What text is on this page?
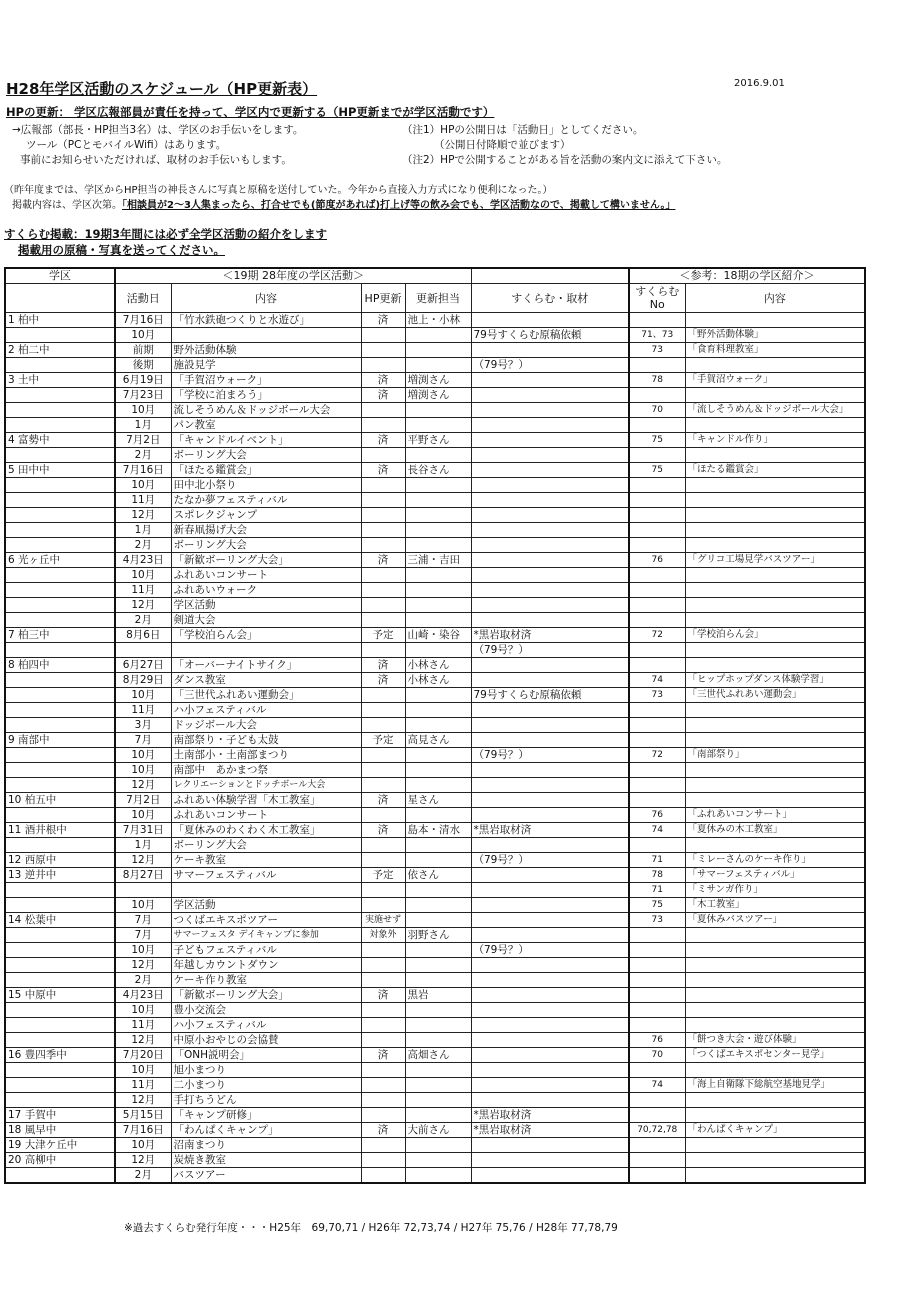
H28年学区活動のスケジュール（HP更新表）	2016.9.01
HPの更新： 学区広報部員が責任を持って、学区内で更新する（HP更新までが学区活動です）
→広報部（部長・HP担当3名）は、学区のお手伝いをします。
ツール（PCとモバイルWifi）はあります。
事前にお知らせいただければ、取材のお手伝いもします。
（注1）HPの公開日は「活動日」としてください。
（公開日付降順で並びます）
（注2）HPで公開することがある旨を活動の案内文に添えて下さい。
（昨年度までは、学区からHP担当の神長さんに写真と原稿を送付していた。今年から直接入力方式になり便利になった。）
掲載内容は、学区次第。「相談員が2〜3人集まったら、打合せでも(節度があれば)打上げ等の飲み会でも、学区活動なので、掲載して構いません。」
すくらむ掲載：19期3年間には必ず全学区活動の紹介をします
掲載用の原稿・写真を送ってください。
学区	＜19期 28年度の学区活動＞					＜参考：18期の学区紹介＞	
	活動日	内容	HP更新	更新担当	すくらむ・取材	すくらむNo	内容
1 柏中	7月16日	「竹水鉄砲つくりと水遊び」	済	池上・小林			
	10月				79号すくらむ原稿依頼	71、73	「野外活動体験」
2 柏二中	前期	野外活動体験				73	「食育料理教室」
	後期	施設見学			（79号？）		
3 土中	6月19日	「手賀沼ウォーク」	済	増渕さん		78	「手賀沼ウォーク」
	7月23日	「学校に泊まろう」	済	増渕さん			
	10月	流しそうめん＆ドッジボール大会				70	「流しそうめん＆ドッジボール大会」
	1月	パン教室					
4 富勢中	7月2日	「キャンドルイベント」	済	平野さん		75	「キャンドル作り」
	2月	ボーリング大会					
5 田中中	7月16日	「ほたる鑑賞会」	済	長谷さん		75	「ほたる鑑賞会」
	10月	田中北小祭り					
	11月	たなか夢フェスティバル					
	12月	スポレクジャンプ					
	1月	新春凧揚げ大会					
	2月	ボーリング大会					
6 光ヶ丘中	4月23日	「新歓ボーリング大会」	済	三浦・吉田		76	「グリコ工場見学バスツアー」
	10月	ふれあいコンサート					
	11月	ふれあいウォーク					
	12月	学区活動					
	2月	剣道大会					
7 柏三中	8月6日	「学校泊らん会」	予定	山崎・染谷	*黒岩取材済	72	「学校泊らん会」
					（79号？）		
8 柏四中	6月27日	「オーバーナイトサイク」	済	小林さん			
	8月29日	ダンス教室	済	小林さん		74	「ヒップホップダンス体験学習」
	10月	「三世代ふれあい運動会」			79号すくらむ原稿依頼	73	「三世代ふれあい運動会」
	11月	ハ小フェスティバル					
	3月	ドッジボール大会					
9 南部中	7月	南部祭り・子ども太鼓	予定	高見さん			
	10月	土南部小・土南部まつり			（79号？）	72	「南部祭り」
	10月	南部中　あかまつ祭					
	12月	レクリエーションとドッチボール大会					
10 柏五中	7月2日	ふれあい体験学習「木工教室」	済	星さん			
	10月	ふれあいコンサート				76	「ふれあいコンサート」
11 酒井根中	7月31日	「夏休みのわくわく木工教室」	済	島本・清水	*黒岩取材済	74	「夏休みの木工教室」
	1月	ボーリング大会					
12 西原中	12月	ケーキ教室			（79号？）	71	「ミレーさんのケーキ作り」
13 逆井中	8月27日	サマーフェスティバル	予定	依さん		78	「サマーフェスティバル」
						71	「ミサンガ作り」
	10月	学区活動				75	「木工教室」
14 松葉中	7月	つくばエキスポツアー	実施せず			73	「夏休みバスツアー」
	7月	サマーフェスタ デイキャンプに参加	対象外	羽野さん			
	10月	子どもフェスティバル			（79号？）		
	12月	年越しカウントダウン					
	2月	ケーキ作り教室					
15 中原中	4月23日	「新歓ボーリング大会」	済	黒岩			
	10月	豊小交流会					
	11月	ハ小フェスティバル					
	12月	中原小おやじの会協賛				76	「餅つき大会・遊び体験」
16 豊四季中	7月20日	「ONH説明会」	済	高畑さん		70	「つくばエキスポセンター見学」
	10月	旭小まつり					
	11月	二小まつり				74	「海上自衛隊下総航空基地見学」
	12月	手打ちうどん					
17 手賀中	5月15日	「キャンプ研修」			*黒岩取材済		
18 風早中	7月16日	「わんぱくキャンプ」	済	大前さん	*黒岩取材済	70,72,78	「わんぱくキャンプ」
19 大津ケ丘中	10月	沼南まつり					
20 高柳中	12月	炭焼き教室					
	2月	バスツアー					
※過去すくらむ発行年度・・・H25年　69,70,71 / H26年 72,73,74 / H27年 75,76 / H28年 77,78,79
